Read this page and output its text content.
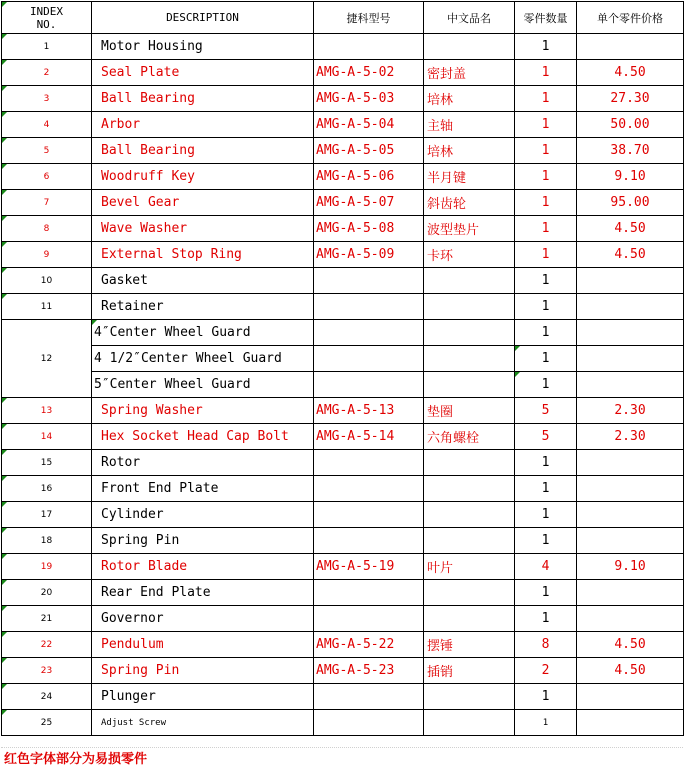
INDEX
NO.	DESCRIPTION	捷科型号	中文品名	零件数量	单个零件价格
1	Motor Housing			1	
2	Seal Plate	AMG-A-5-02	密封盖	1	4.50
3	Ball Bearing	AMG-A-5-03	培林	1	27.30
4	Arbor	AMG-A-5-04	主轴	1	50.00
5	Ball Bearing	AMG-A-5-05	培林	1	38.70
6	Woodruff Key	AMG-A-5-06	半月键	1	9.10
7	Bevel Gear	AMG-A-5-07	斜齿轮	1	95.00
8	Wave Washer	AMG-A-5-08	波型垫片	1	4.50
9	External Stop Ring	AMG-A-5-09	卡环	1	4.50
10	Gasket			1	
11	Retainer			1	
12	4″Center Wheel Guard			1	
	4 1/2″Center Wheel Guard			1	
	5″Center Wheel Guard			1	
13	Spring Washer	AMG-A-5-13	垫圈	5	2.30
14	Hex Socket Head Cap Bolt	AMG-A-5-14	六角螺栓	5	2.30
15	Rotor			1	
16	Front End Plate			1	
17	Cylinder			1	
18	Spring Pin			1	
19	Rotor Blade	AMG-A-5-19	叶片	4	9.10
20	Rear End Plate			1	
21	Governor			1	
22	Pendulum	AMG-A-5-22	摆锤	8	4.50
23	Spring Pin	AMG-A-5-23	插销	2	4.50
24	Plunger			1	
25	Adjust Screw			1	
红色字体部分为易损零件
